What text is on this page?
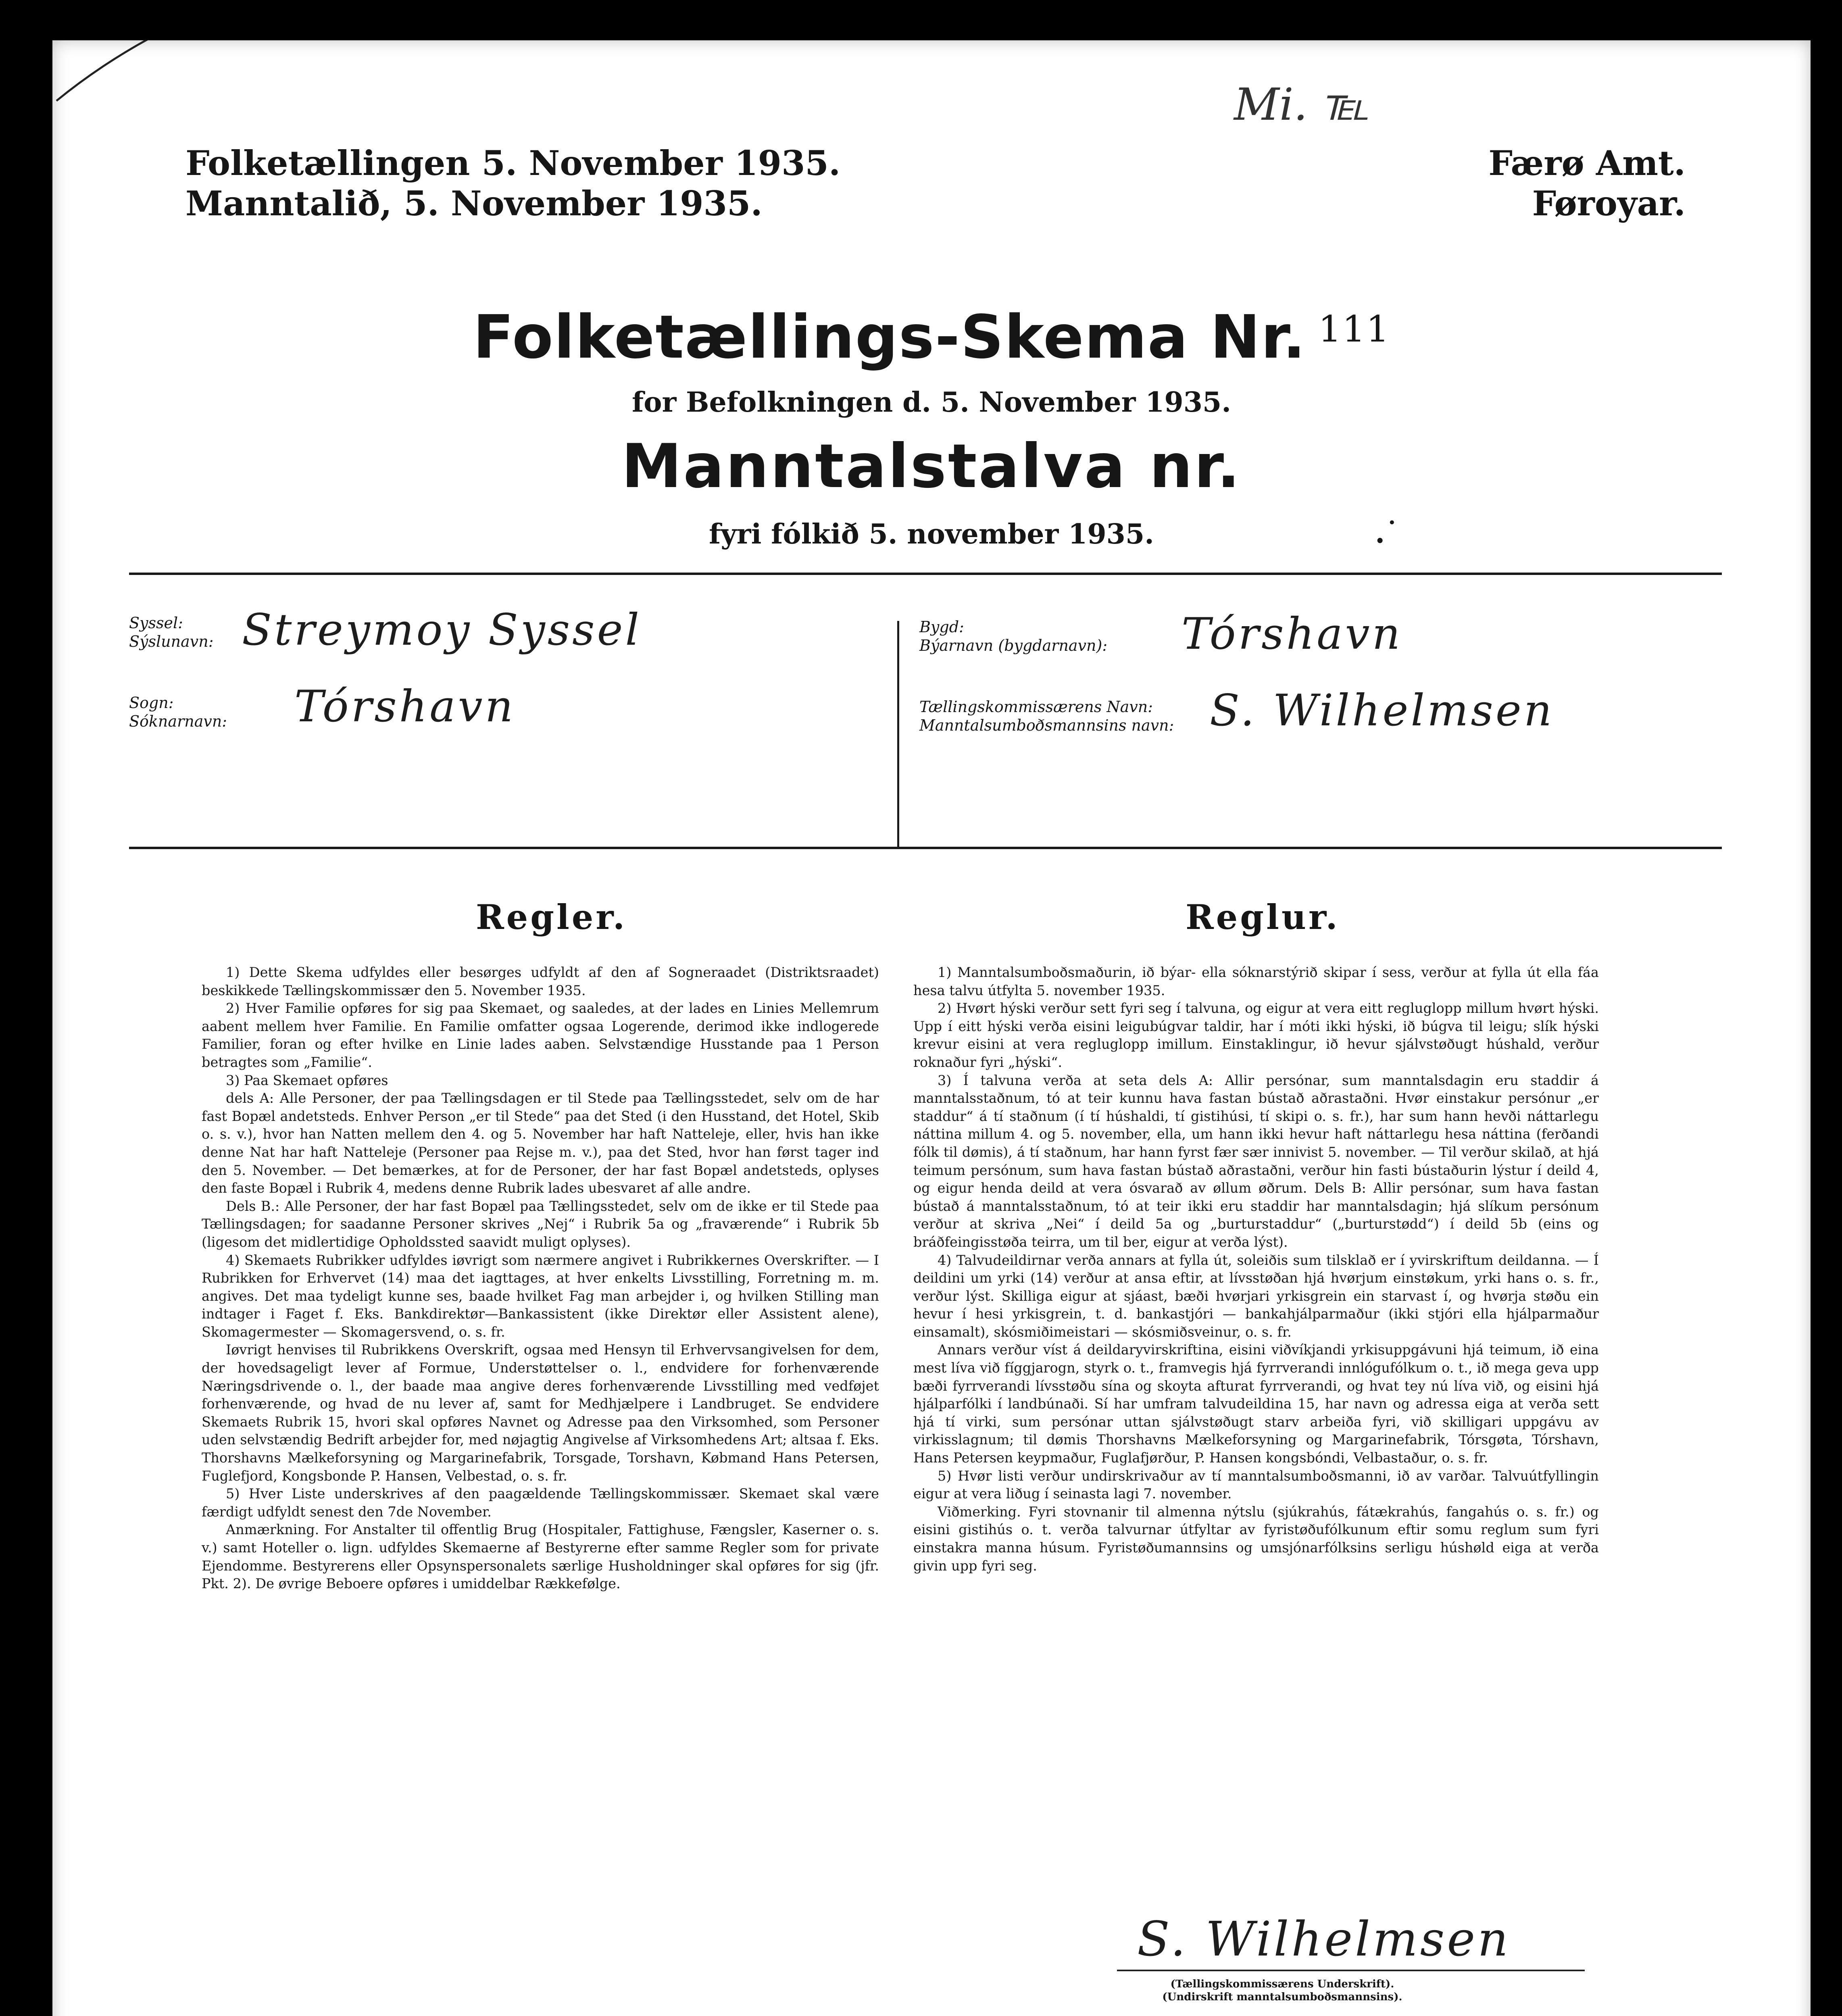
Folketællingen 5. November 1935.
Manntalið, 5. November 1935.
Mi. ℡
Færø Amt.
Føroyar.
Folketællings-Skema Nr. $^{111}$
for Befolkningen d. 5. November 1935.
Manntalstalva nr.
fyri fólkið 5. november 1935.	.˙
Syssel:
Sýslunavn: Streymoy Syssel
Sogn:
Sóknarnavn: Tórshavn
Bygd:
Býarnavn (bygdarnavn): Tórshavn
Tællingskommissærens Navn:
Manntalsumboðsmannsins navn: S. Wilhelmsen
Regler.

1) Dette Skema udfyldes eller besørges udfyldt af den af Sogneraadet (Distriktsraadet) beskikkede Tællingskommissær den 5. November 1935.

2) Hver Familie opføres for sig paa Skemaet, og saaledes, at der lades en Linies Mellemrum aabent mellem hver Familie. En Familie omfatter ogsaa Logerende, derimod ikke indlogerede Familier, foran og efter hvilke en Linie lades aaben. Selvstændige Husstande paa 1 Person betragtes som „Familie“.

3) Paa Skemaet opføres

dels A: Alle Personer, der paa Tællingsdagen er til Stede paa Tællingsstedet, selv om de har fast Bopæl andetsteds. Enhver Person „er til Stede“ paa det Sted (i den Husstand, det Hotel, Skib o. s. v.), hvor han Natten mellem den 4. og 5. November har haft Natteleje, eller, hvis han ikke denne Nat har haft Natteleje (Personer paa Rejse m. v.), paa det Sted, hvor han først tager ind den 5. November. — Det bemærkes, at for de Personer, der har fast Bopæl andetsteds, oplyses den faste Bopæl i Rubrik 4, medens denne Rubrik lades ubesvaret af alle andre.

Dels B.: Alle Personer, der har fast Bopæl paa Tællingsstedet, selv om de ikke er til Stede paa Tællingsdagen; for saadanne Personer skrives „Nej“ i Rubrik 5a og „fraværende“ i Rubrik 5b (ligesom det midlertidige Opholdssted saavidt muligt oplyses).

4) Skemaets Rubrikker udfyldes iøvrigt som nærmere angivet i Rubrikkernes Overskrifter. — I Rubrikken for Erhvervet (14) maa det iagttages, at hver enkelts Livsstilling, Forretning m. m. angives. Det maa tydeligt kunne ses, baade hvilket Fag man arbejder i, og hvilken Stilling man indtager i Faget f. Eks. Bankdirektør—Bankassistent (ikke Direktør eller Assistent alene), Skomagermester — Skomagersvend, o. s. fr.

Iøvrigt henvises til Rubrikkens Overskrift, ogsaa med Hensyn til Erhvervsangivelsen for dem, der hovedsageligt lever af Formue, Understøttelser o. l., endvidere for forhenværende Næringsdrivende o. l., der baade maa angive deres forhenværende Livsstilling med vedføjet forhenværende, og hvad de nu lever af, samt for Medhjælpere i Landbruget. Se endvidere Skemaets Rubrik 15, hvori skal opføres Navnet og Adresse paa den Virksomhed, som Personer uden selvstændig Bedrift arbejder for, med nøjagtig Angivelse af Virksomhedens Art; altsaa f. Eks. Thorshavns Mælkeforsyning og Margarinefabrik, Torsgade, Torshavn, Købmand Hans Petersen, Fuglefjord, Kongsbonde P. Hansen, Velbestad, o. s. fr.

5) Hver Liste underskrives af den paagældende Tællingskommissær. Skemaet skal være færdigt udfyldt senest den 7de November.

Anmærkning. For Anstalter til offentlig Brug (Hospitaler, Fattighuse, Fængsler, Kaserner o. s. v.) samt Hoteller o. lign. udfyldes Skemaerne af Bestyrerne efter samme Regler som for private Ejendomme. Bestyrerens eller Opsynspersonalets særlige Husholdninger skal opføres for sig (jfr. Pkt. 2). De øvrige Beboere opføres i umiddelbar Rækkefølge.

Reglur.

1) Manntalsumboðsmaðurin, ið býar- ella sóknarstýrið skipar í sess, verður at fylla út ella fáa hesa talvu útfylta 5. november 1935.

2) Hvørt hýski verður sett fyri seg í talvuna, og eigur at vera eitt regluglopp millum hvørt hýski. Upp í eitt hýski verða eisini leigubúgvar taldir, har í móti ikki hýski, ið búgva til leigu; slík hýski krevur eisini at vera regluglopp imillum. Einstaklingur, ið hevur sjálvstøðugt húshald, verður roknaður fyri „hýski“.

3) Í talvuna verða at seta dels A: Allir persónar, sum manntalsdagin eru staddir á manntalsstaðnum, tó at teir kunnu hava fastan bústað aðrastaðni. Hvør einstakur persónur „er staddur“ á tí staðnum (í tí húshaldi, tí gistihúsi, tí skipi o. s. fr.), har sum hann hevði náttarlegu náttina millum 4. og 5. november, ella, um hann ikki hevur haft náttarlegu hesa náttina (ferðandi fólk til dømis), á tí staðnum, har hann fyrst fær sær innivist 5. november. — Til verður skilað, at hjá teimum persónum, sum hava fastan bústað aðrastaðni, verður hin fasti bústaðurin lýstur í deild 4, og eigur henda deild at vera ósvarað av øllum øðrum. Dels B: Allir persónar, sum hava fastan bústað á manntalsstaðnum, tó at teir ikki eru staddir har manntalsdagin; hjá slíkum persónum verður at skriva „Nei“ í deild 5a og „burturstaddur“ („burturstødd“) í deild 5b (eins og bráðfeingisstøða teirra, um til ber, eigur at verða lýst).

4) Talvudeildirnar verða annars at fylla út, soleiðis sum tilsklað er í yvirskriftum deildanna. — Í deildini um yrki (14) verður at ansa eftir, at lívsstøðan hjá hvørjum einstøkum, yrki hans o. s. fr., verður lýst. Skilliga eigur at sjáast, bæði hvørjari yrkisgrein ein starvast í, og hvørja støðu ein hevur í hesi yrkisgrein, t. d. bankastjóri — bankahjálparmaður (ikki stjóri ella hjálparmaður einsamalt), skósmiðimeistari — skósmiðsveinur, o. s. fr.

Annars verður víst á deildaryvirskriftina, eisini viðvíkjandi yrkisuppgávuni hjá teimum, ið eina mest líva við fíggjarogn, styrk o. t., framvegis hjá fyrrverandi innlógufólkum o. t., ið mega geva upp bæði fyrrverandi lívsstøðu sína og skoyta afturat fyrrverandi, og hvat tey nú líva við, og eisini hjá hjálparfólki í landbúnaði. Sí har umfram talvudeildina 15, har navn og adressa eiga at verða sett hjá tí virki, sum persónar uttan sjálvstøðugt starv arbeiða fyri, við skilligari uppgávu av virkisslagnum; til dømis Thorshavns Mælkeforsyning og Margarinefabrik, Tórsgøta, Tórshavn, Hans Petersen keypmaður, Fuglafjørður, P. Hansen kongsbóndi, Velbastaður, o. s. fr.

5) Hvør listi verður undirskrivaður av tí manntalsumboðsmanni, ið av varðar. Talvuútfyllingin eigur at vera liðug í seinasta lagi 7. november.

Viðmerking. Fyri stovnanir til almenna nýtslu (sjúkrahús, fátækrahús, fangahús o. s. fr.) og eisini gistihús o. t. verða talvurnar útfyltar av fyristøðufólkunum eftir somu reglum sum fyri einstakra manna húsum. Fyristøðumannsins og umsjónarfólksins serligu húshøld eiga at verða givin upp fyri seg.

S. Wilhelmsen
(Tællingskommissærens Underskrift).
(Undirskrift manntalsumboðsmannsins).
